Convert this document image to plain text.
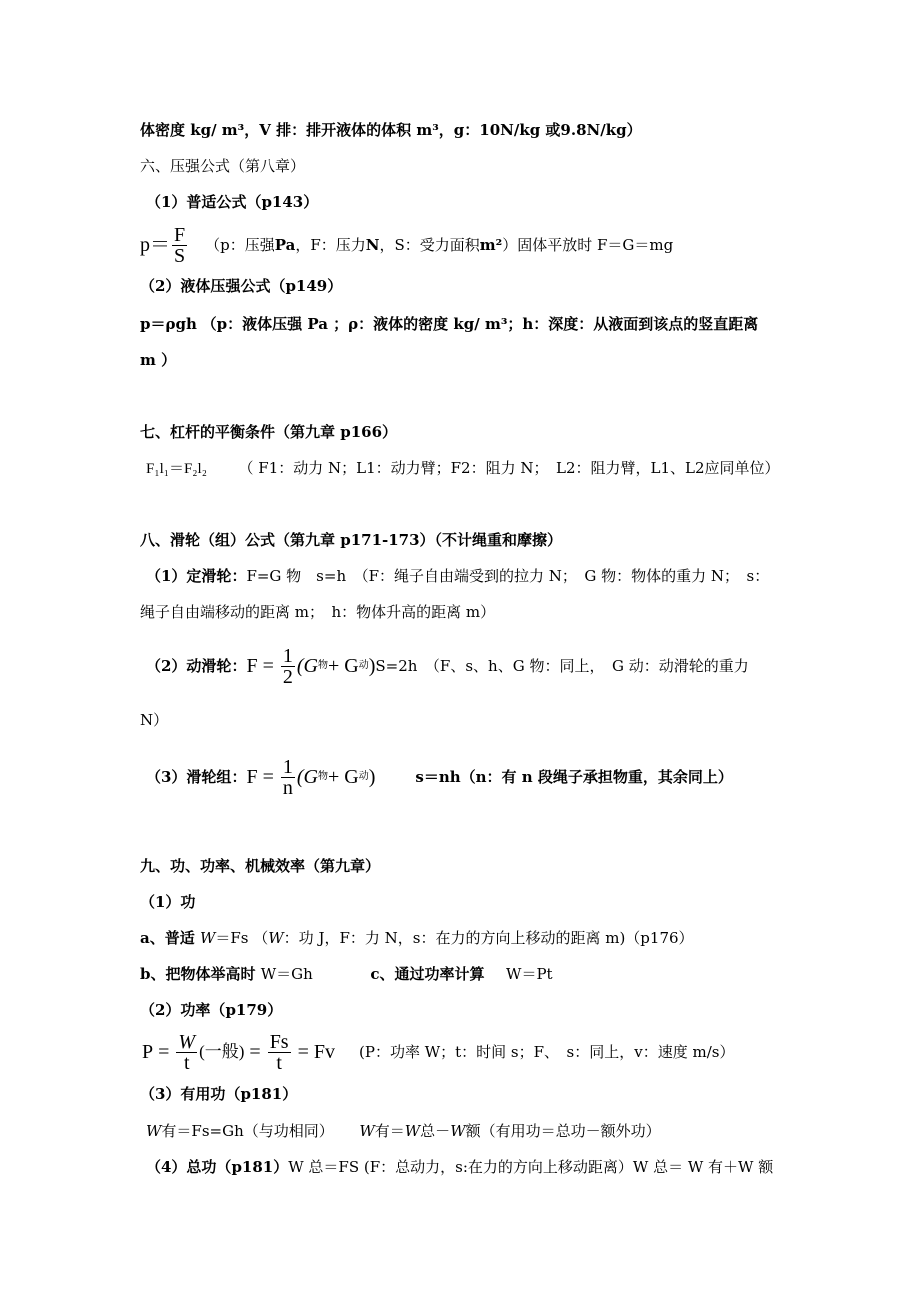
体密度 kg/ m³，V 排：排开液体的体积 m³，g：10N/kg 或9.8N/kg）
六、压强公式（第八章）
（1）普适公式（p143）
$p= \frac{F}{S} (p$：压强 Pa ，F：压力 N ，S：受力面积 m² ）固体平放时 F＝G＝mg
（2）液体压强公式（p149）
p＝ρgh （p：液体压强 Pa ；ρ：液体的密度 kg/ m³；h：深度：从液面到该点的竖直距离
m ）
七、杠杆的平衡条件（第九章 p166）
F₁l₁＝F₂l₂ （ F1：动力 N；L1：动力臂；F2：阻力 N；　L2：阻力臂，L1、L2应同单位）
八、滑轮（组）公式（第九章 p171-173）（不计绳重和摩擦）
（1）定滑轮：F=G 物　s=h　（F：绳子自由端受到的拉力 N；　G 物：物体的重力 N；　s：
绳子自由端移动的距离 m；　h：物体升高的距离 m）
（2）动滑轮： $F = \frac{1}{2} (G$ 物 + G 动 ) S=2h　（F、s、h、G 物：同上，　G 动：动滑轮的重力
N）
（3）滑轮组： $F = \frac{1}{n} (G$ 物 + G 动 )	s＝nh（n：有 n 段绳子承担物重，其余同上）
九、功、功率、机械效率（第九章）
（1）功
a、普适 W＝Fs （W：功 J，F：力 N，s：在力的方向上移动的距离 m)（p176）
b、把物体举高时 W＝Gh	c、通过功率计算 W＝Pt
（2）功率（p179）
$P = \frac{W}{t}$ (一般) = $\frac{Fs}{t} = Fv$ (P：功率 W；t：时间 s；F、　s：同上，v：速度 m/s）
（3）有用功（p181）
W有＝Fs=Gh（与功相同） W有＝W总－W额（有用功＝总功－额外功）
（4）总功（p181）W 总＝FS (F：总动力，s:在力的方向上移动距离）W 总＝ W 有＋W 额
